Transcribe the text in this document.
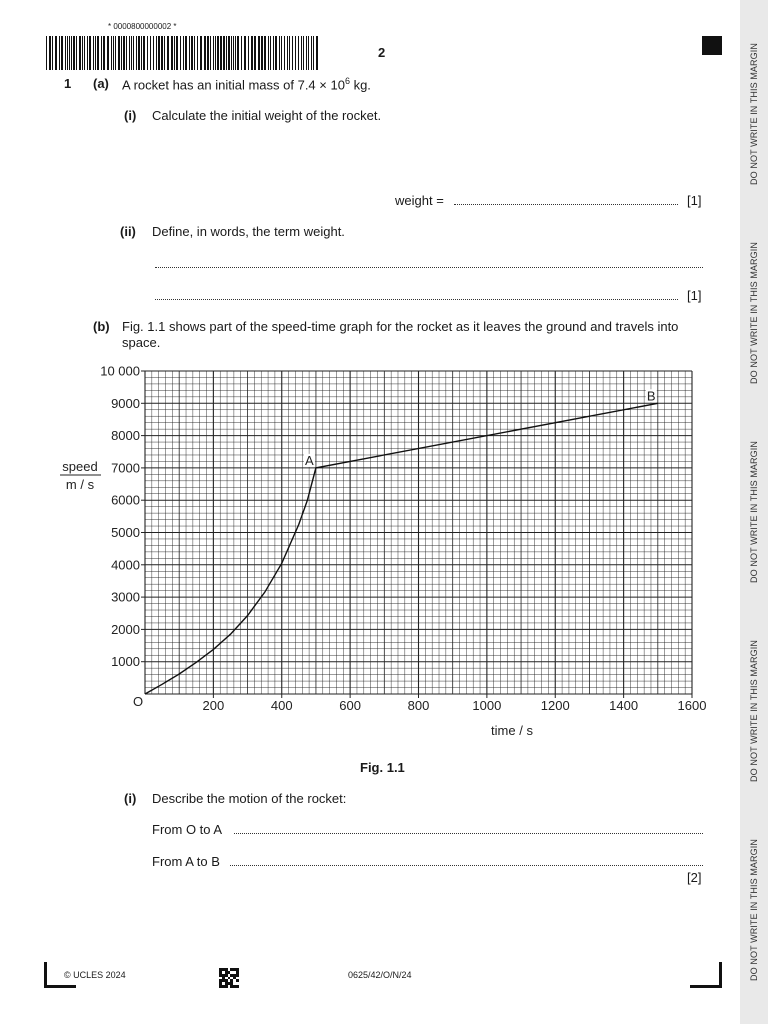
DO NOT WRITE IN THIS MARGIN
DO NOT WRITE IN THIS MARGIN
DO NOT WRITE IN THIS MARGIN
DO NOT WRITE IN THIS MARGIN
DO NOT WRITE IN THIS MARGIN
* 0000800000002 *
2
1 (a) A rocket has an initial mass of $7.4 \times 10^6$ kg.
(i) Calculate the initial weight of the rocket.
weight =	[1]
(ii) Define, in words, the term weight.
[1]
(b) Fig. 1.1 shows part of the speed-time graph for the rocket as it leaves the ground and travels into space.
1000
2000
3000
4000
5000
6000
7000
8000
9000
10 000
200	400	600	800	1000	1200	1400	1600
A
B
O
time / s
speed
m / s
Fig. 1.1
(i) Describe the motion of the rocket:
From O to A
From A to B
[2]
© UCLES 2024	0625/42/O/N/24
